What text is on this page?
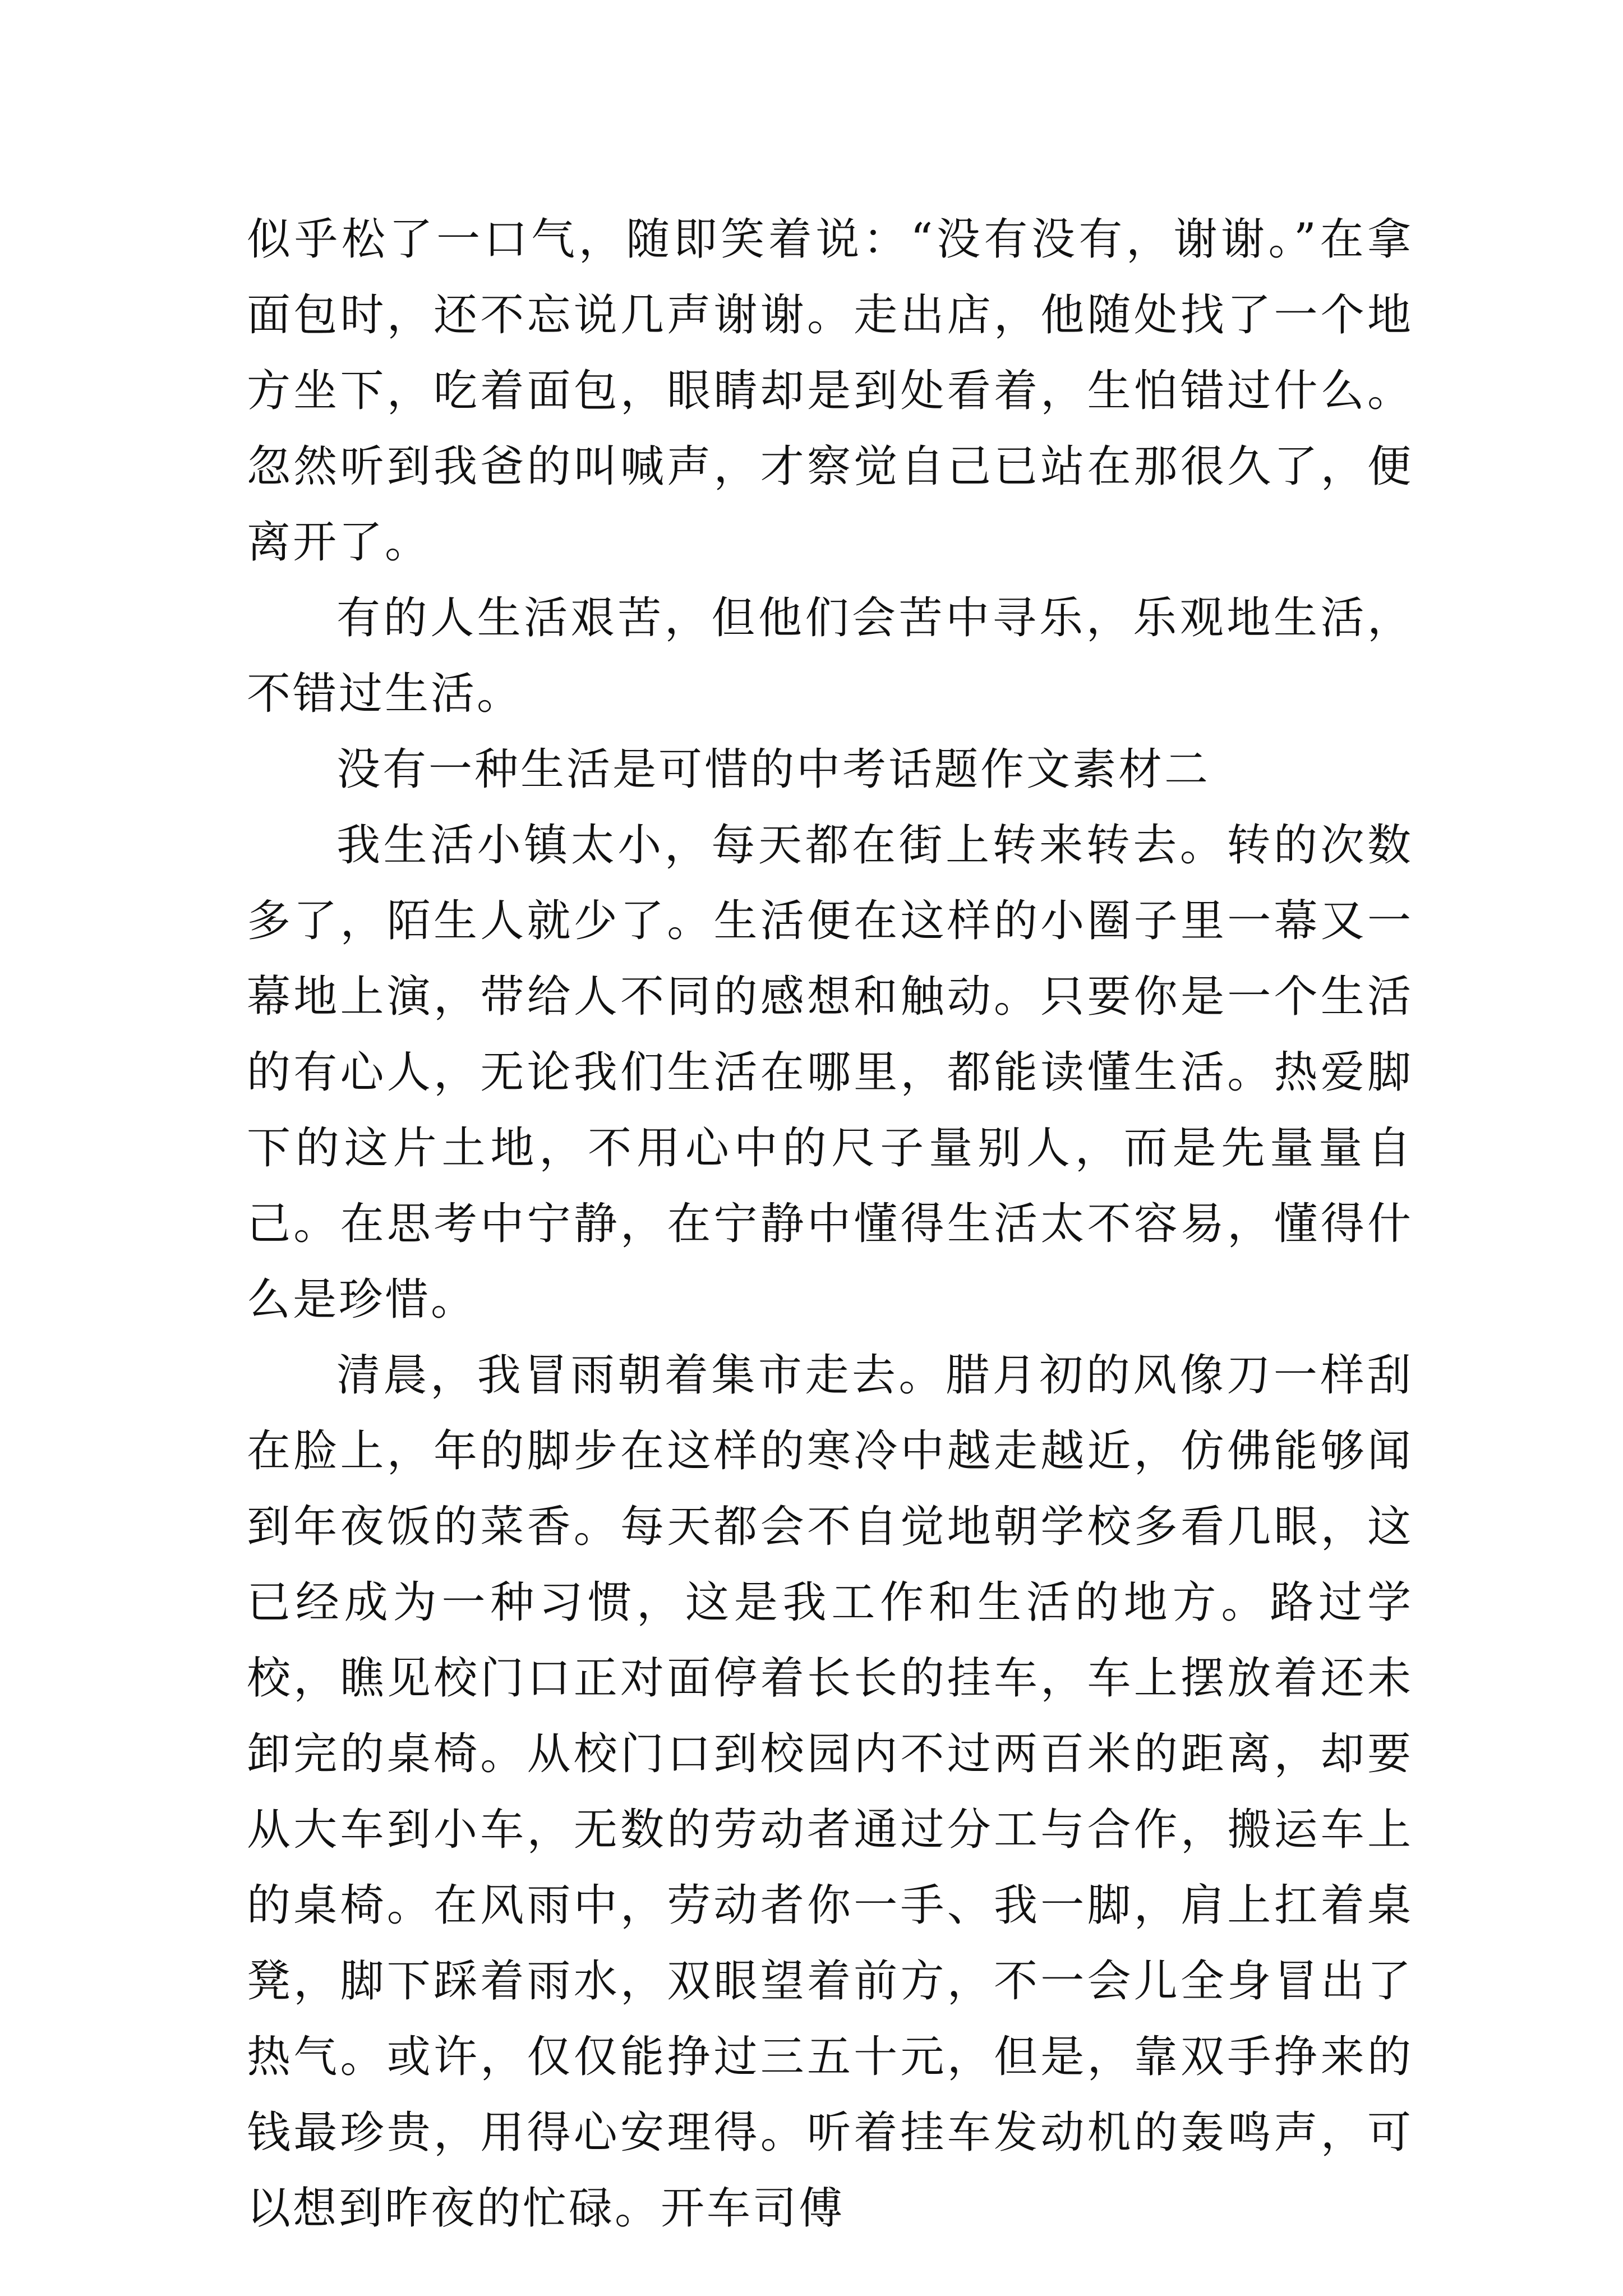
似乎松了一口气，随即笑着说：“没有没有，谢谢。”在拿面包时，还不忘说几声谢谢。走出店，他随处找了一个地方坐下，吃着面包，眼睛却是到处看着，生怕错过什么。忽然听到我爸的叫喊声，才察觉自己已站在那很久了，便离开了。

有的人生活艰苦，但他们会苦中寻乐，乐观地生活，不错过生活。

没有一种生活是可惜的中考话题作文素材二

我生活小镇太小，每天都在街上转来转去。转的次数多了，陌生人就少了。生活便在这样的小圈子里一幕又一幕地上演，带给人不同的感想和触动。只要你是一个生活的有心人，无论我们生活在哪里，都能读懂生活。热爱脚下的这片土地，不用心中的尺子量别人，而是先量量自己。在思考中宁静，在宁静中懂得生活太不容易，懂得什么是珍惜。

清晨，我冒雨朝着集市走去。腊月初的风像刀一样刮在脸上，年的脚步在这样的寒冷中越走越近，仿佛能够闻到年夜饭的菜香。每天都会不自觉地朝学校多看几眼，这已经成为一种习惯，这是我工作和生活的地方。路过学校，瞧见校门口正对面停着长长的挂车，车上摆放着还未卸完的桌椅。从校门口到校园内不过两百米的距离，却要从大车到小车，无数的劳动者通过分工与合作，搬运车上的桌椅。在风雨中，劳动者你一手、我一脚，肩上扛着桌凳，脚下踩着雨水，双眼望着前方，不一会儿全身冒出了热气。或许，仅仅能挣过三五十元，但是，靠双手挣来的钱最珍贵，用得心安理得。听着挂车发动机的轰鸣声，可以想到昨夜的忙碌。开车司傅
